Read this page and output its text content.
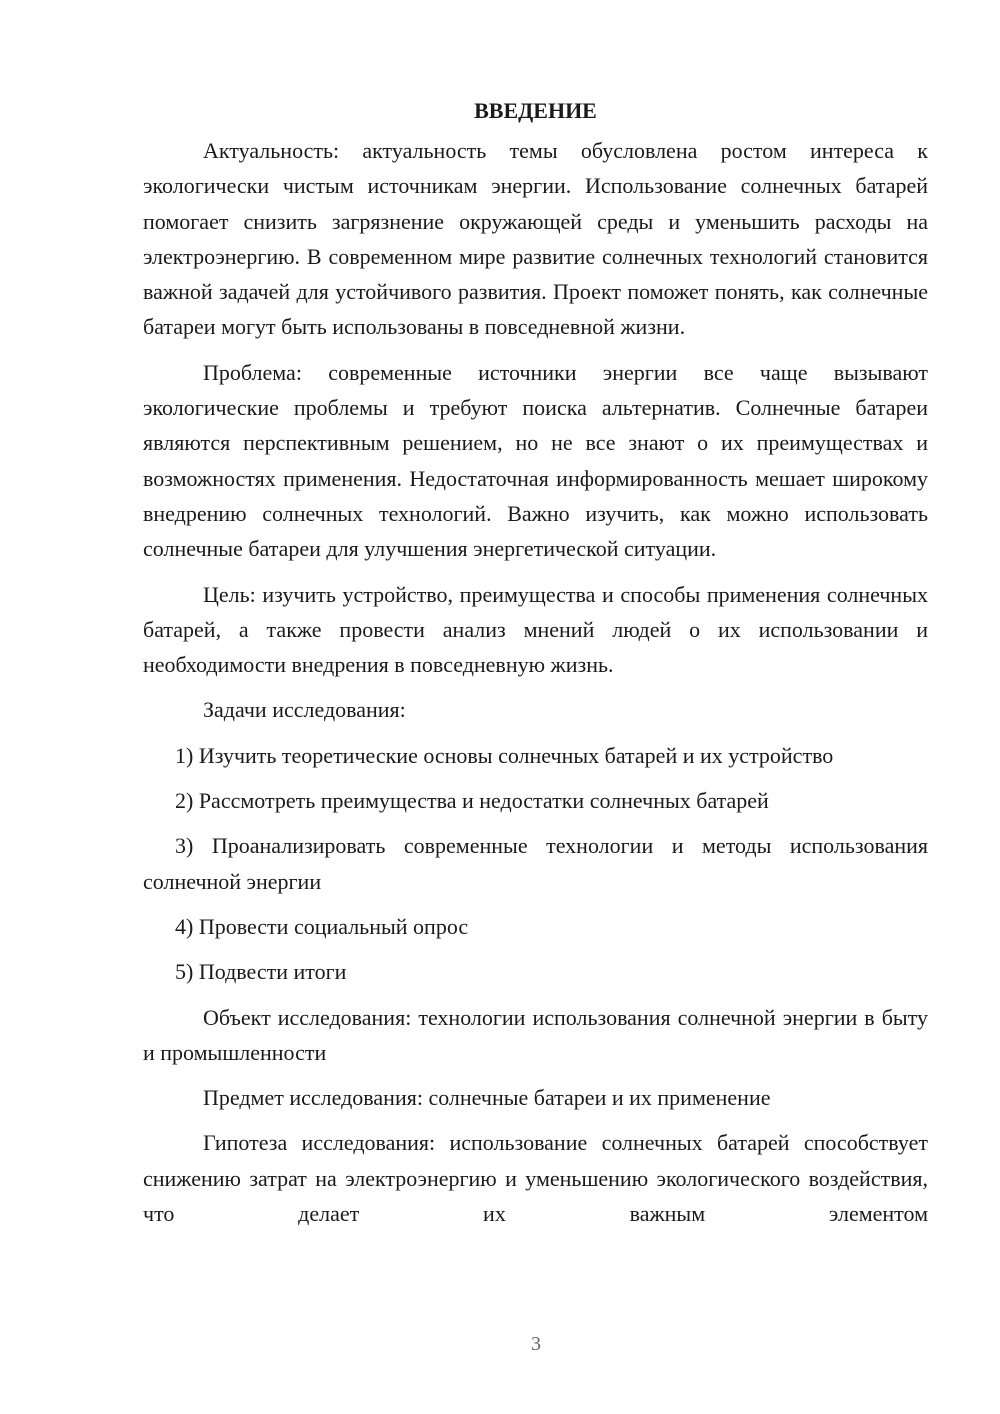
ВВЕДЕНИЕ

Актуальность: актуальность темы обусловлена ростом интереса к экологически чистым источникам энергии. Использование солнечных батарей помогает снизить загрязнение окружающей среды и уменьшить расходы на электроэнергию. В современном мире развитие солнечных технологий становится важной задачей для устойчивого развития. Проект поможет понять, как солнечные батареи могут быть использованы в повседневной жизни.

Проблема: современные источники энергии все чаще вызывают экологические проблемы и требуют поиска альтернатив. Солнечные батареи являются перспективным решением, но не все знают о их преимуществах и возможностях применения. Недостаточная информированность мешает широкому внедрению солнечных технологий. Важно изучить, как можно использовать солнечные батареи для улучшения энергетической ситуации.

Цель: изучить устройство, преимущества и способы применения солнечных батарей, а также провести анализ мнений людей о их использовании и необходимости внедрения в повседневную жизнь.

Задачи исследования:

1) Изучить теоретические основы солнечных батарей и их устройство

2) Рассмотреть преимущества и недостатки солнечных батарей

3) Проанализировать современные технологии и методы использования солнечной энергии

4) Провести социальный опрос

5) Подвести итоги

Объект исследования: технологии использования солнечной энергии в быту и промышленности

Предмет исследования: солнечные батареи и их применение

Гипотеза исследования: использование солнечных батарей способствует снижению затрат на электроэнергию и уменьшению экологического воздействия, что делает их важным элементом

3
